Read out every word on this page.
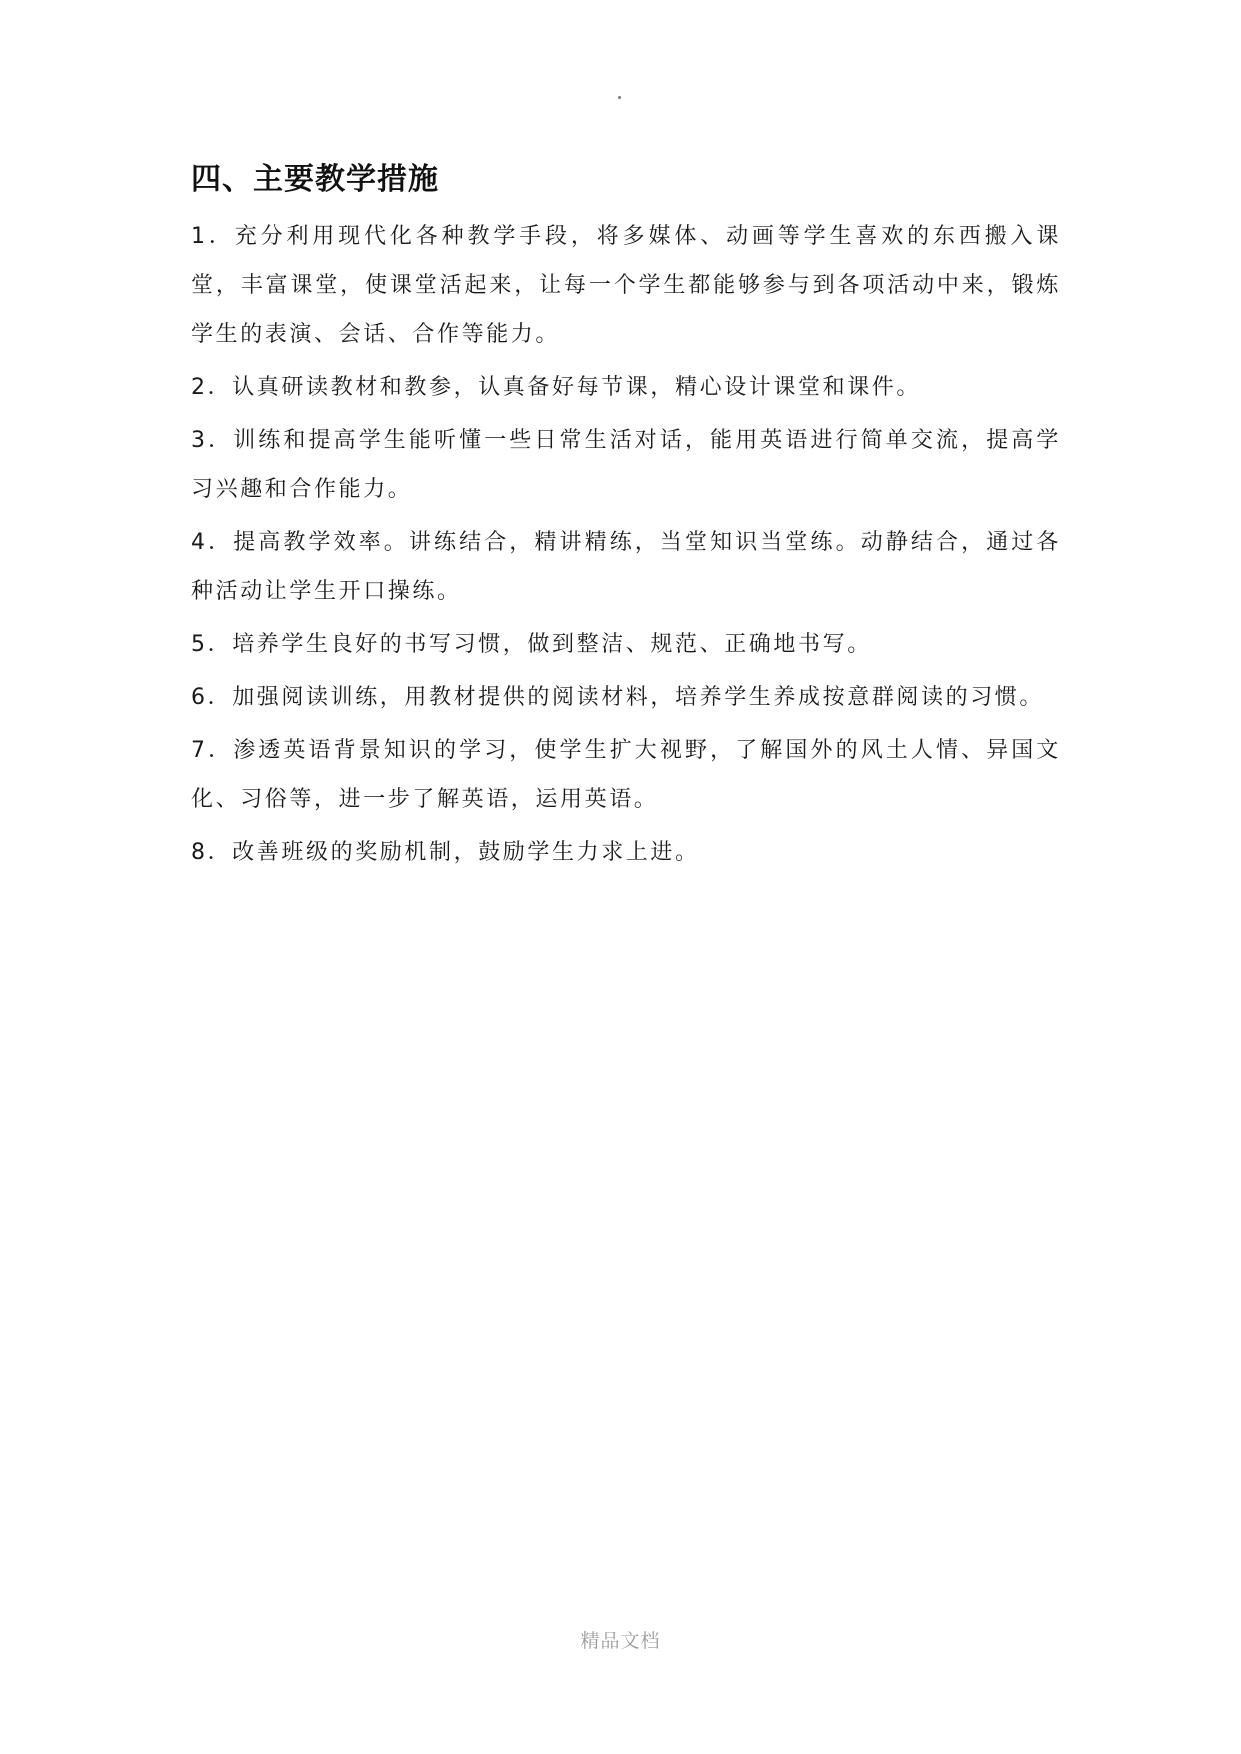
四、主要教学措施

1．充分利用现代化各种教学手段，将多媒体、动画等学生喜欢的东西搬入课堂，丰富课堂，使课堂活起来，让每一个学生都能够参与到各项活动中来，锻炼学生的表演、会话、合作等能力。

2．认真研读教材和教参，认真备好每节课，精心设计课堂和课件。

3．训练和提高学生能听懂一些日常生活对话，能用英语进行简单交流，提高学习兴趣和合作能力。

4．提高教学效率。讲练结合，精讲精练，当堂知识当堂练。动静结合，通过各种活动让学生开口操练。

5．培养学生良好的书写习惯，做到整洁、规范、正确地书写。

6．加强阅读训练，用教材提供的阅读材料，培养学生养成按意群阅读的习惯。

7．渗透英语背景知识的学习，使学生扩大视野，了解国外的风土人情、异国文化、习俗等，进一步了解英语，运用英语。

8．改善班级的奖励机制，鼓励学生力求上进。

精品文档
